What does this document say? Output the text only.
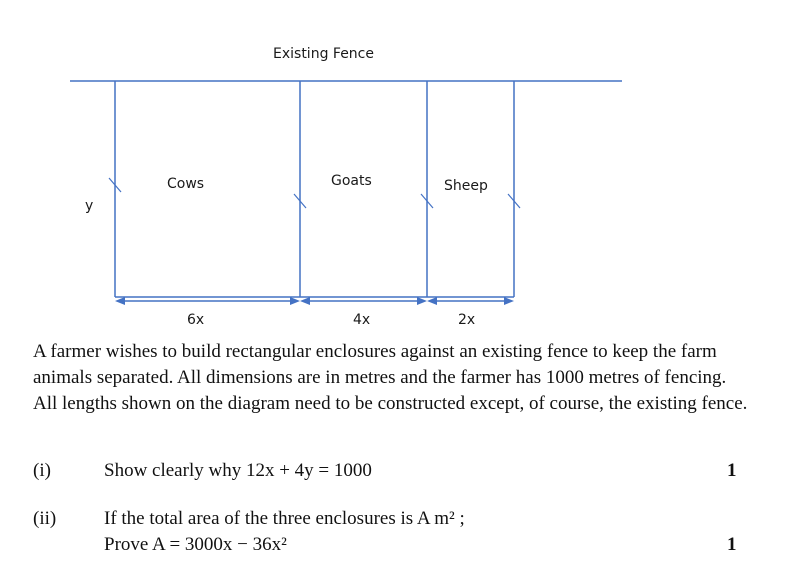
Existing Fence
Cows	Goats	Sheep
y
6x	4x	2x

A farmer wishes to build rectangular enclosures against an existing fence to keep the farm animals separated. All dimensions are in metres and the farmer has 1000 metres of fencing. All lengths shown on the diagram need to be constructed except, of course, the existing fence.

(i)	Show clearly why 12x + 4y = 1000	1
(ii)	If the total area of the three enclosures is A m² ;
Prove A = 3000x − 36x²	1
